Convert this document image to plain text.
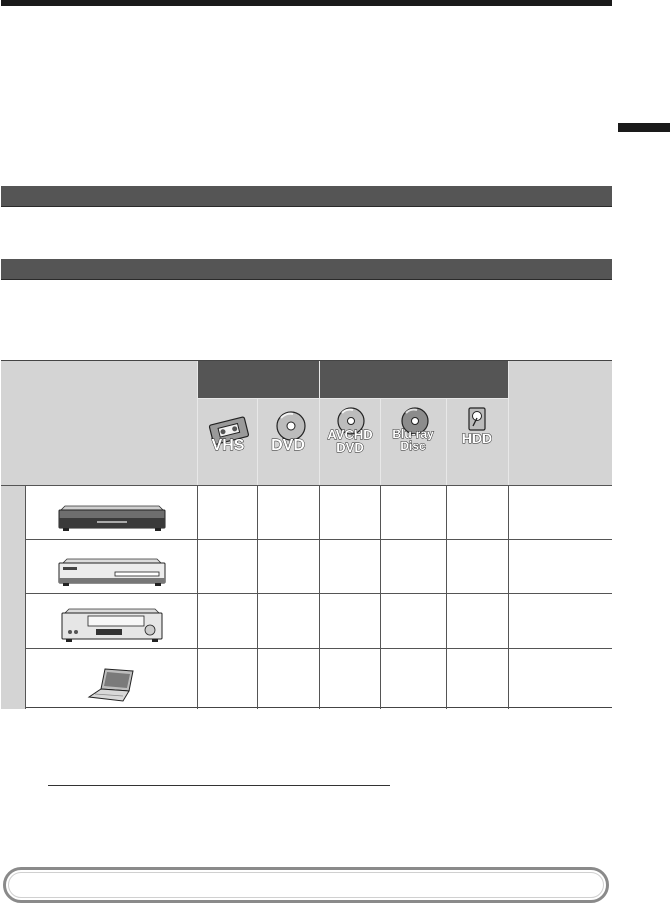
VHS	DVD
AVCHD
DVD
Blu-ray
Disc	HDD
